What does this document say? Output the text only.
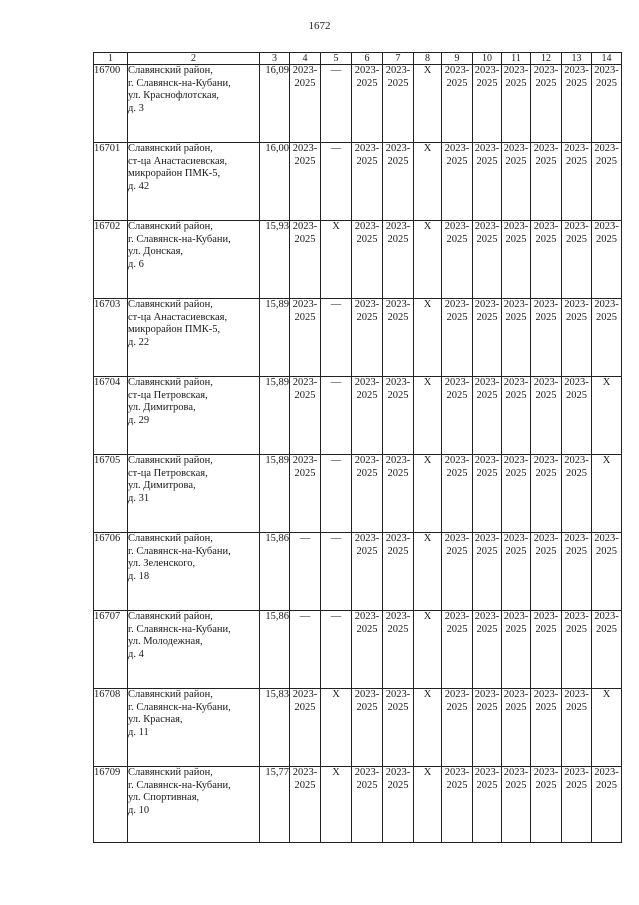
1672
1	2	3	4	5	6	7	8	9	10	11	12	13	14
16700	Славянский район,
г. Славянск-на-Кубани,
ул. Краснофлотская,
д. 3	16,09	2023-
2025	—	2023-
2025	2023-
2025	Х	2023-
2025	2023-
2025	2023-
2025	2023-
2025	2023-
2025	2023-
2025
16701	Славянский район,
ст-ца Анастасиевская,
микрорайон ПМК-5,
д. 42	16,00	2023-
2025	—	2023-
2025	2023-
2025	Х	2023-
2025	2023-
2025	2023-
2025	2023-
2025	2023-
2025	2023-
2025
16702	Славянский район,
г. Славянск-на-Кубани,
ул. Донская,
д. 6	15,93	2023-
2025	Х	2023-
2025	2023-
2025	Х	2023-
2025	2023-
2025	2023-
2025	2023-
2025	2023-
2025	2023-
2025
16703	Славянский район,
ст-ца Анастасиевская,
микрорайон ПМК-5,
д. 22	15,89	2023-
2025	—	2023-
2025	2023-
2025	Х	2023-
2025	2023-
2025	2023-
2025	2023-
2025	2023-
2025	2023-
2025
16704	Славянский район,
ст-ца Петровская,
ул. Димитрова,
д. 29	15,89	2023-
2025	—	2023-
2025	2023-
2025	Х	2023-
2025	2023-
2025	2023-
2025	2023-
2025	2023-
2025	Х
16705	Славянский район,
ст-ца Петровская,
ул. Димитрова,
д. 31	15,89	2023-
2025	—	2023-
2025	2023-
2025	Х	2023-
2025	2023-
2025	2023-
2025	2023-
2025	2023-
2025	Х
16706	Славянский район,
г. Славянск-на-Кубани,
ул. Зеленского,
д. 18	15,86	—	—	2023-
2025	2023-
2025	Х	2023-
2025	2023-
2025	2023-
2025	2023-
2025	2023-
2025	2023-
2025
16707	Славянский район,
г. Славянск-на-Кубани,
ул. Молодежная,
д. 4	15,86	—	—	2023-
2025	2023-
2025	Х	2023-
2025	2023-
2025	2023-
2025	2023-
2025	2023-
2025	2023-
2025
16708	Славянский район,
г. Славянск-на-Кубани,
ул. Красная,
д. 11	15,83	2023-
2025	Х	2023-
2025	2023-
2025	Х	2023-
2025	2023-
2025	2023-
2025	2023-
2025	2023-
2025	Х
16709	Славянский район,
г. Славянск-на-Кубани,
ул. Спортивная,
д. 10	15,77	2023-
2025	Х	2023-
2025	2023-
2025	Х	2023-
2025	2023-
2025	2023-
2025	2023-
2025	2023-
2025	2023-
2025
